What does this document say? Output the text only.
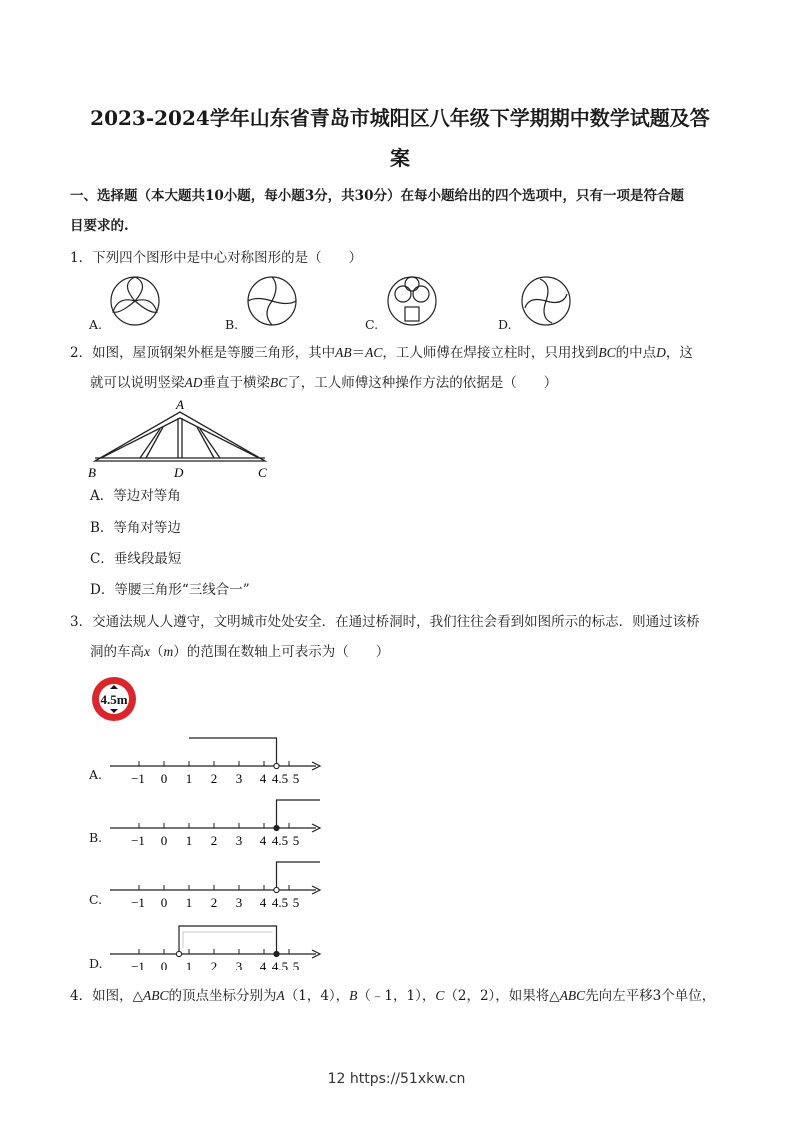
2023-2024学年山东省青岛市城阳区八年级下学期期中数学试题及答
案
一、选择题（本大题共10小题，每小题3分，共30分）在每小题给出的四个选项中，只有一项是符合题
目要求的.
1．下列四个图形中是中心对称图形的是（　　）
A.	B.	C.	D.
2．如图，屋顶钢架外框是等腰三角形，其中AB＝AC，工人师傅在焊接立柱时，只用找到BC的中点D，这
就可以说明竖梁AD垂直于横梁BC了，工人师傅这种操作方法的依据是（　　）
A
B	D	C
A．等边对等角
B．等角对等边
C．垂线段最短
D．等腰三角形“三线合一”
3．交通法规人人遵守，文明城市处处安全．在通过桥洞时，我们往往会看到如图所示的标志．则通过该桥
洞的车高x（m）的范围在数轴上可表示为（　　）
4.5m
−1 0 1 2 3 4 4.5 5
−1 0 1 2 3 4 4.5 5
−1 0 1 2 3 4 4.5 5
−1 0 1 2 3 4 4.5 5
A.
B.
C.
D.
4．如图，△ABC的顶点坐标分别为A（1，4），B（﹣1，1），C（2，2），如果将△ABC先向左平移3个单位，
12 https://51xkw.cn
